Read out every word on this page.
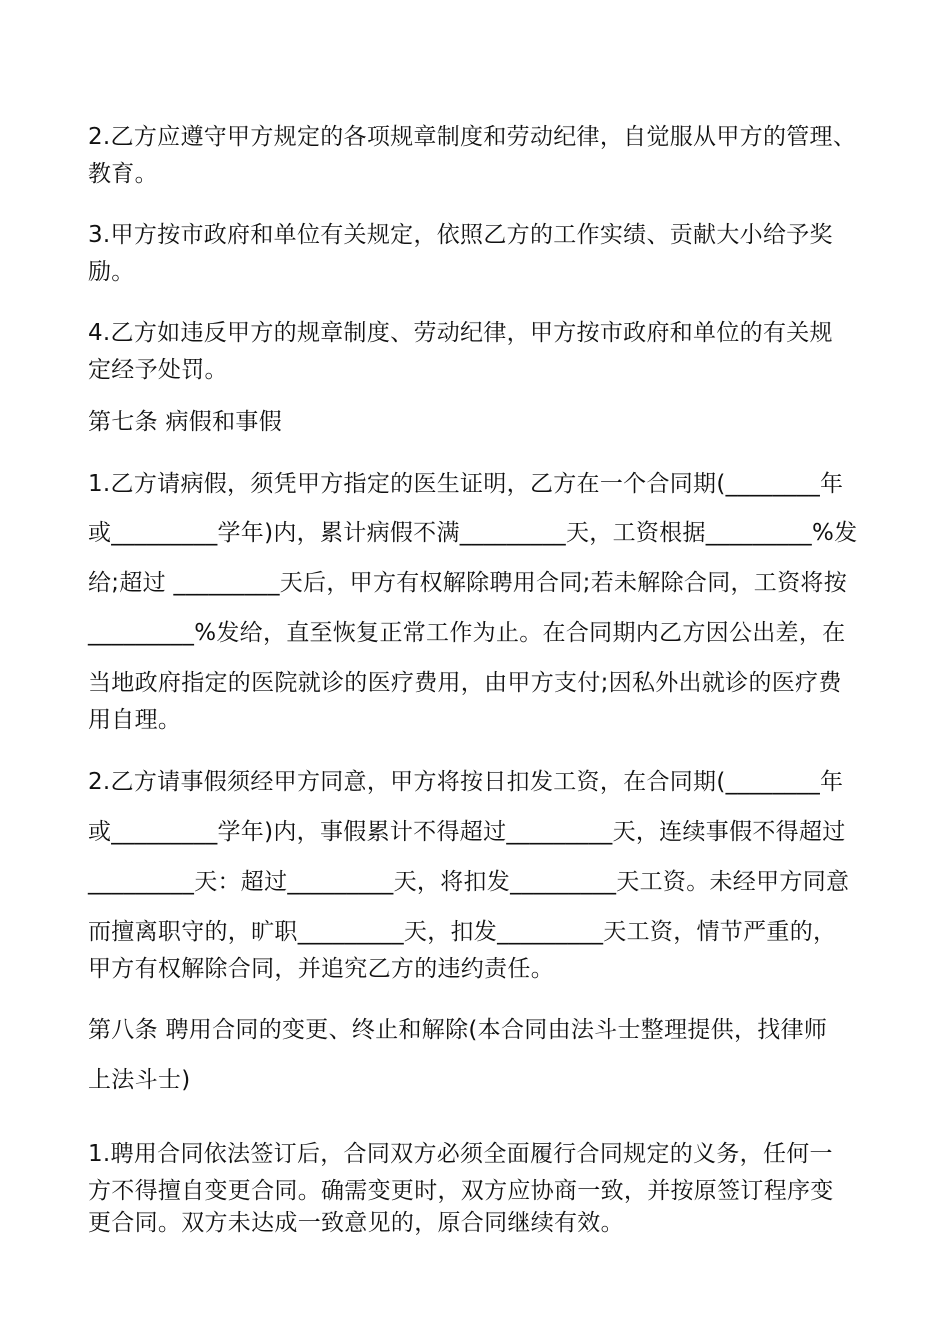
2.乙方应遵守甲方规定的各项规章制度和劳动纪律，自觉服从甲方的管理、
教育。
3.甲方按市政府和单位有关规定，依照乙方的工作实绩、贡献大小给予奖
励。
4.乙方如违反甲方的规章制度、劳动纪律，甲方按市政府和单位的有关规
定经予处罚。
第七条 病假和事假
1.乙方请病假，须凭甲方指定的医生证明，乙方在一个合同期(________年
或_________学年)内，累计病假不满_________天，工资根据_________%发
给;超过 _________天后，甲方有权解除聘用合同;若未解除合同，工资将按
_________%发给，直至恢复正常工作为止。在合同期内乙方因公出差，在
当地政府指定的医院就诊的医疗费用，由甲方支付;因私外出就诊的医疗费
用自理。
2.乙方请事假须经甲方同意，甲方将按日扣发工资，在合同期(________年
或_________学年)内，事假累计不得超过_________天，连续事假不得超过
_________天：超过_________天，将扣发_________天工资。未经甲方同意
而擅离职守的，旷职_________天，扣发_________天工资，情节严重的，
甲方有权解除合同，并追究乙方的违约责任。
第八条 聘用合同的变更、终止和解除(本合同由法斗士整理提供，找律师
上法斗士)
1.聘用合同依法签订后，合同双方必须全面履行合同规定的义务，任何一
方不得擅自变更合同。确需变更时，双方应协商一致，并按原签订程序变
更合同。双方未达成一致意见的，原合同继续有效。
